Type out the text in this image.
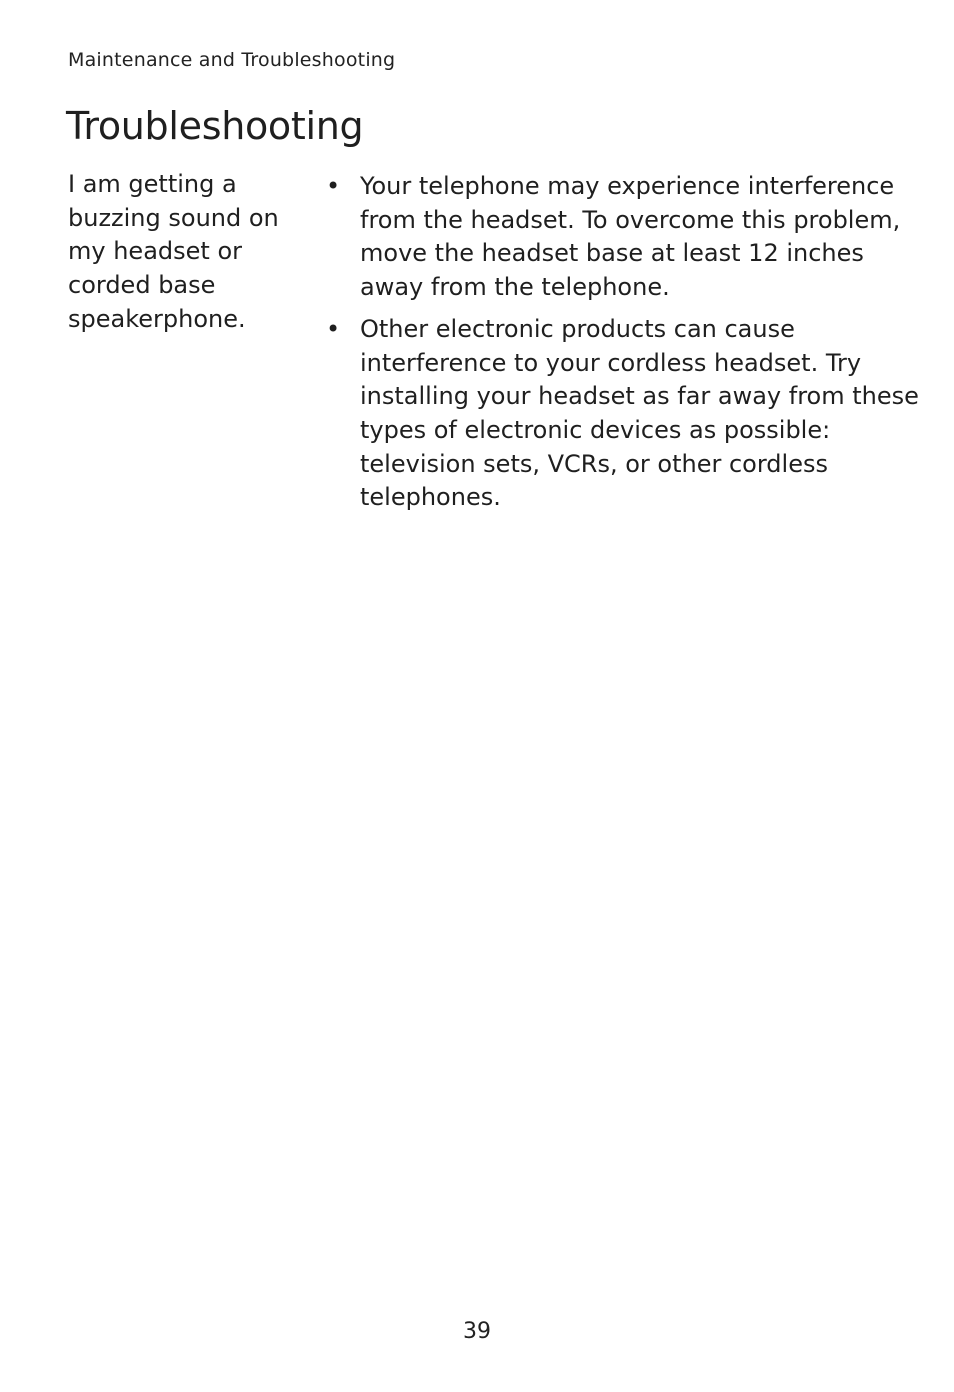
Maintenance and Troubleshooting
Troubleshooting

I am getting a buzzing sound on my headset or corded base speakerphone.

• Your telephone may experience interference from the headset. To overcome this problem, move the headset base at least 12 inches away from the telephone.
• Other electronic products can cause interference to your cordless headset. Try installing your headset as far away from these types of electronic devices as possible: television sets, VCRs, or other cordless telephones.
39
